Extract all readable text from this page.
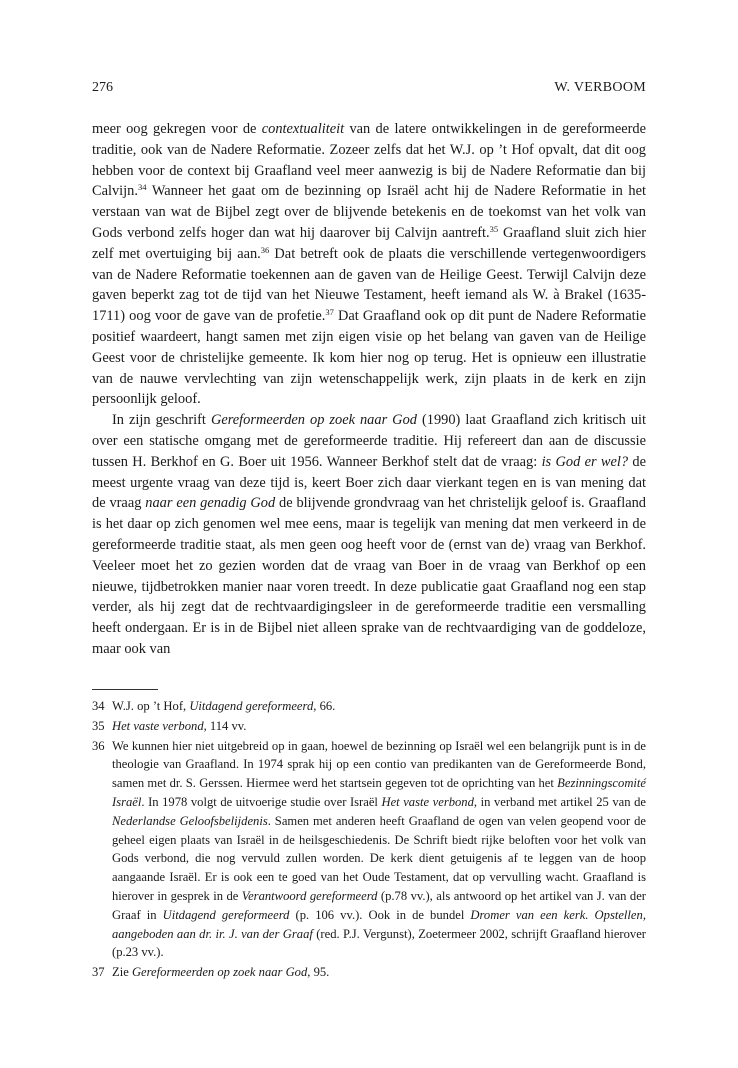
276	W. VERBOOM

meer oog gekregen voor de contextualiteit van de latere ontwikkelingen in de gereformeerde traditie, ook van de Nadere Reformatie. Zozeer zelfs dat het W.J. op ’t Hof opvalt, dat dit oog hebben voor de context bij Graafland veel meer aanwezig is bij de Nadere Reformatie dan bij Calvijn.$^{34}$ Wanneer het gaat om de bezinning op Israël acht hij de Nadere Reformatie in het verstaan van wat de Bijbel zegt over de blijvende betekenis en de toekomst van het volk van Gods verbond zelfs hoger dan wat hij daarover bij Calvijn aantreft.$^{35}$ Graafland sluit zich hier zelf met overtuiging bij aan.$^{36}$ Dat betreft ook de plaats die verschillende vertegenwoordigers van de Nadere Reformatie toekennen aan de gaven van de Heilige Geest. Terwijl Calvijn deze gaven beperkt zag tot de tijd van het Nieuwe Testament, heeft iemand als W. à Brakel (1635-1711) oog voor de gave van de profetie.$^{37}$ Dat Graafland ook op dit punt de Nadere Reformatie positief waardeert, hangt samen met zijn eigen visie op het belang van gaven van de Heilige Geest voor de christelijke gemeente. Ik kom hier nog op terug. Het is opnieuw een illustratie van de nauwe vervlechting van zijn wetenschappelijk werk, zijn plaats in de kerk en zijn persoonlijk geloof.

In zijn geschrift Gereformeerden op zoek naar God (1990) laat Graafland zich kritisch uit over een statische omgang met de gereformeerde traditie. Hij refereert dan aan de discussie tussen H. Berkhof en G. Boer uit 1956. Wanneer Berkhof stelt dat de vraag: is God er wel? de meest urgente vraag van deze tijd is, keert Boer zich daar vierkant tegen en is van mening dat de vraag naar een genadig God de blijvende grondvraag van het christelijk geloof is. Graafland is het daar op zich genomen wel mee eens, maar is tegelijk van mening dat men verkeerd in de gereformeerde traditie staat, als men geen oog heeft voor de (ernst van de) vraag van Berkhof. Veeleer moet het zo gezien worden dat de vraag van Boer in de vraag van Berkhof op een nieuwe, tijdbetrokken manier naar voren treedt. In deze publicatie gaat Graafland nog een stap verder, als hij zegt dat de rechtvaardigingsleer in de gereformeerde traditie een versmalling heeft ondergaan. Er is in de Bijbel niet alleen sprake van de rechtvaardiging van de goddeloze, maar ook van

34 W.J. op ’t Hof, Uitdagend gereformeerd, 66.
35 Het vaste verbond, 114 vv.
36 We kunnen hier niet uitgebreid op in gaan, hoewel de bezinning op Israël wel een belangrijk punt is in de theologie van Graafland. In 1974 sprak hij op een contio van predikanten van de Gereformeerde Bond, samen met dr. S. Gerssen. Hiermee werd het startsein gegeven tot de oprichting van het Bezinningscomité Israël. In 1978 volgt de uitvoerige studie over Israël Het vaste verbond, in verband met artikel 25 van de Nederlandse Geloofsbelijdenis. Samen met anderen heeft Graafland de ogen van velen geopend voor de geheel eigen plaats van Israël in de heilsgeschiedenis. De Schrift biedt rijke beloften voor het volk van Gods verbond, die nog vervuld zullen worden. De kerk dient getuigenis af te leggen van de hoop aangaande Israël. Er is ook een te goed van het Oude Testament, dat op vervulling wacht. Graafland is hierover in gesprek in de Verantwoord gereformeerd (p.78 vv.), als antwoord op het artikel van J. van der Graaf in Uitdagend gereformeerd (p. 106 vv.). Ook in de bundel Dromer van een kerk. Opstellen, aangeboden aan dr. ir. J. van der Graaf (red. P.J. Vergunst), Zoetermeer 2002, schrijft Graafland hierover (p.23 vv.).
37 Zie Gereformeerden op zoek naar God, 95.
